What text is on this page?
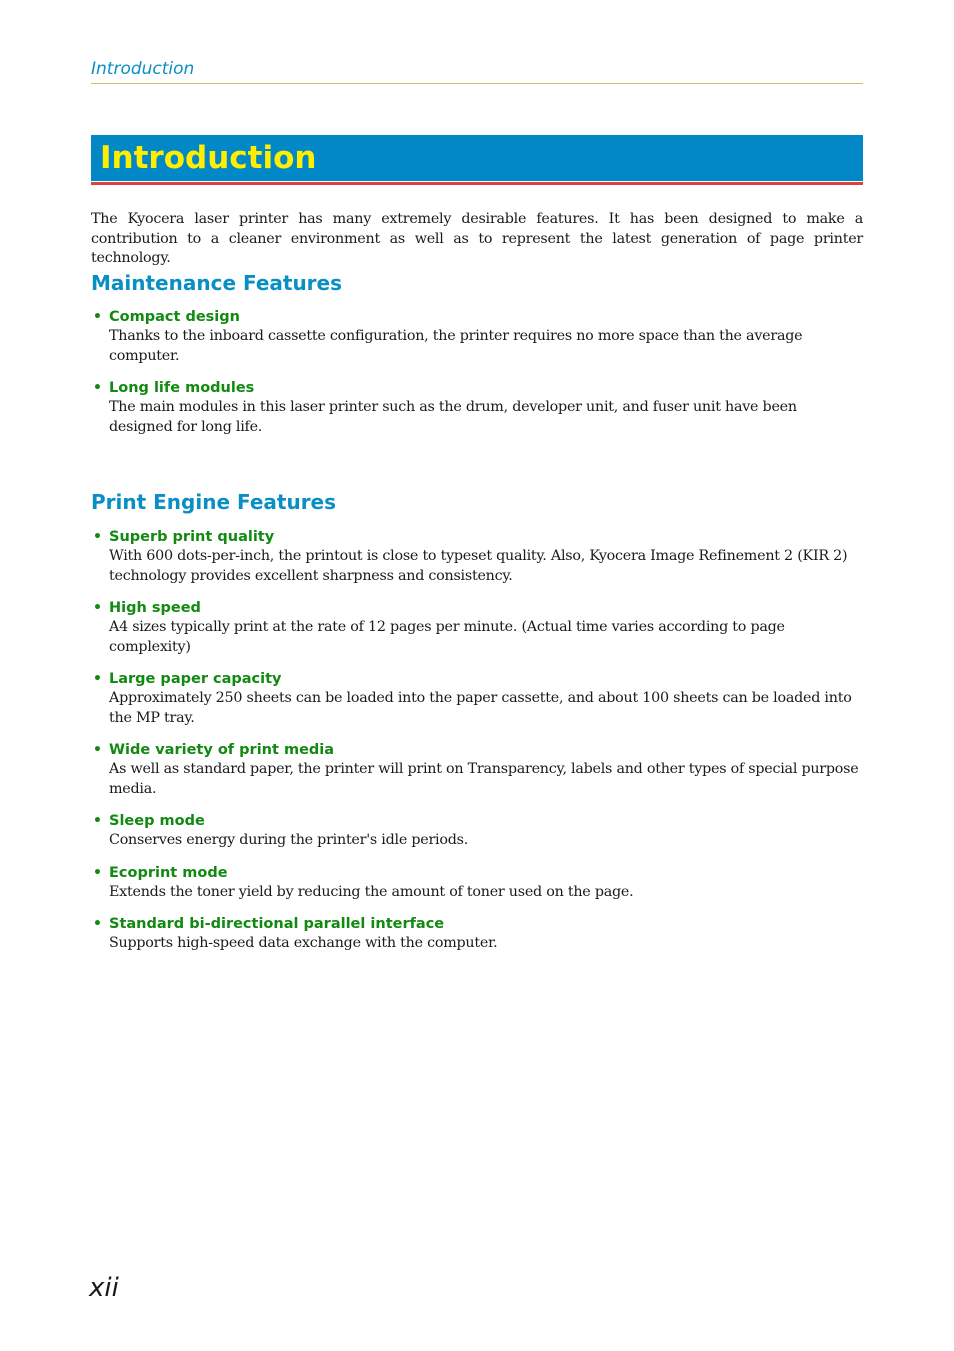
Introduction
Introduction

The Kyocera laser printer has many extremely desirable features. It has been designed to make a contribution to a cleaner environment as well as to represent the latest generation of page printer technology.

Maintenance Features
• Compact design
Thanks to the inboard cassette configuration, the printer requires no more space than the average computer.
• Long life modules
The main modules in this laser printer such as the drum, developer unit, and fuser unit have been designed for long life.
Print Engine Features
• Superb print quality
With 600 dots-per-inch, the printout is close to typeset quality. Also, Kyocera Image Refinement 2 (KIR 2) technology provides excellent sharpness and consistency.
• High speed
A4 sizes typically print at the rate of 12 pages per minute. (Actual time varies according to page complexity)
• Large paper capacity
Approximately 250 sheets can be loaded into the paper cassette, and about 100 sheets can be loaded into the MP tray.
• Wide variety of print media
As well as standard paper, the printer will print on Transparency, labels and other types of special purpose media.
• Sleep mode
Conserves energy during the printer's idle periods.
• Ecoprint mode
Extends the toner yield by reducing the amount of toner used on the page.
• Standard bi-directional parallel interface
Supports high-speed data exchange with the computer.
xii
